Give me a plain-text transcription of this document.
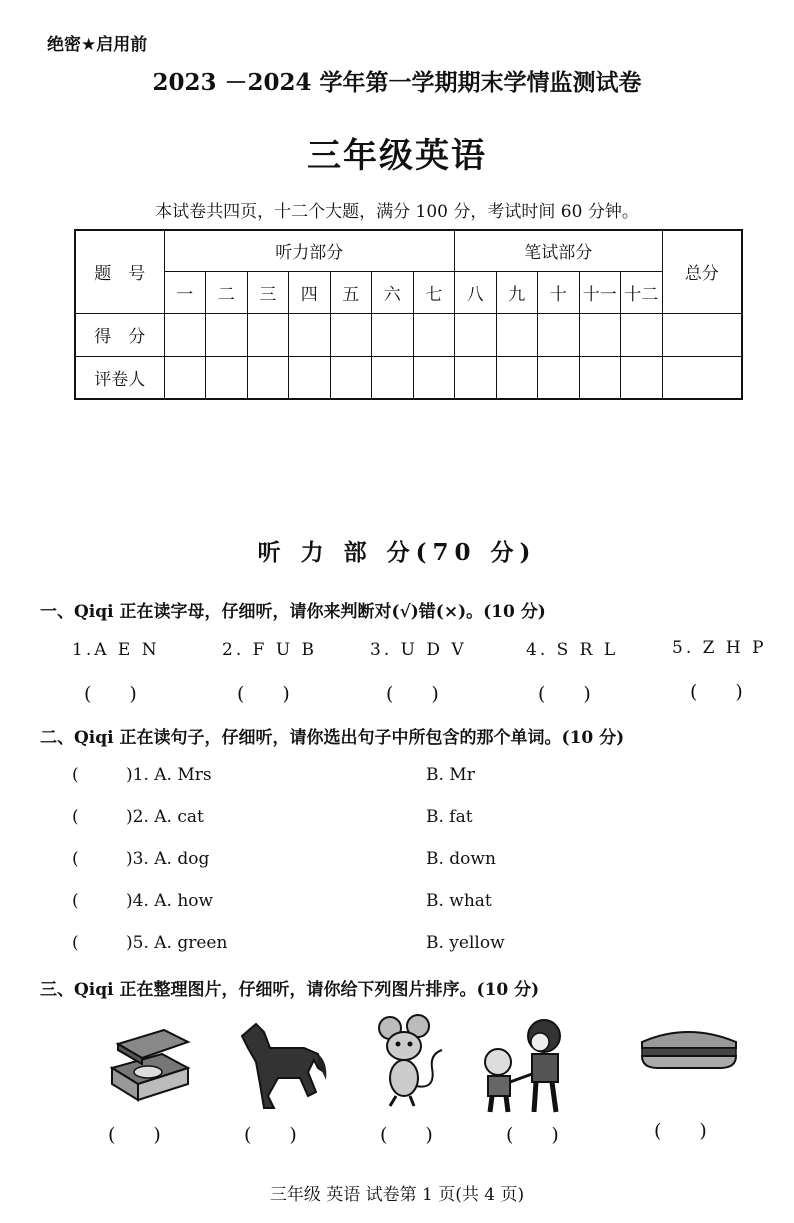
绝密★启用前
2023 －2024 学年第一学期期末学情监测试卷
三年级英语
本试卷共四页，十二个大题，满分 100 分，考试时间 60 分钟。
题　号	听力部分							笔试部分					总分
	一	二	三	四	五	六	七	八	九	十	十一	十二	
得　分													
评卷人													
听 力 部 分(70 分)
一、Qiqi 正在读字母，仔细听，请你来判断对(√)错(×)。(10 分)
1.A E N	2. F U B	3. U D V	4. S R L	5. Z H P
(　　)	(　　)	(　　)	(　　)	(　　)
二、Qiqi 正在读句子，仔细听，请你选出句子中所包含的那个单词。(10 分)
(	)1. A. Mrs	B. Mr
(	)2. A. cat	B. fat
(	)3. A. dog	B. down
(	)4. A. how	B. what
(	)5. A. green	B. yellow
三、Qiqi 正在整理图片，仔细听，请你给下列图片排序。(10 分)
(　　)	(　　)	(　　)	(　　)	(　　)
三年级 英语 试卷第 1 页(共 4 页)
